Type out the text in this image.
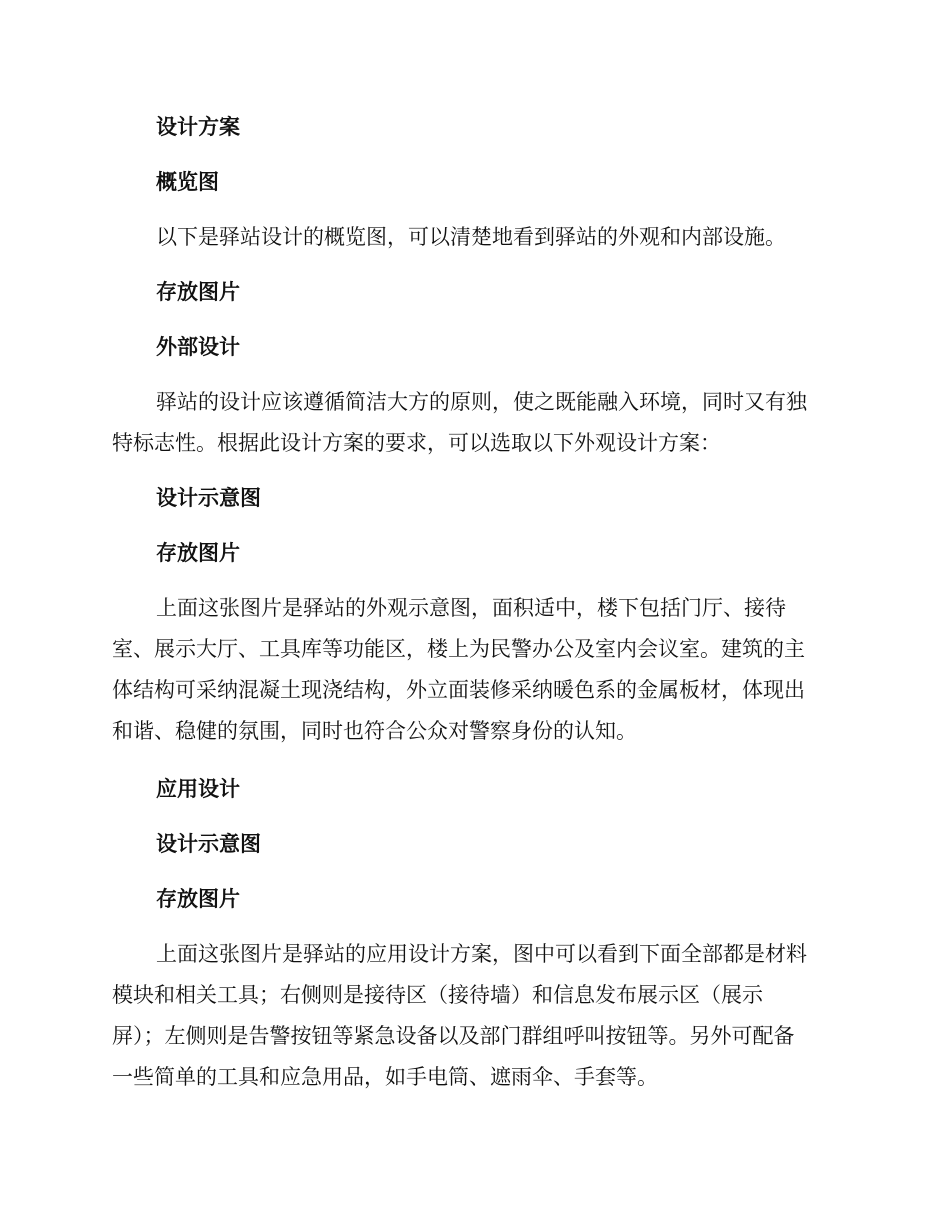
设计方案
概览图
以下是驿站设计的概览图，可以清楚地看到驿站的外观和内部设施。
存放图片
外部设计
驿站的设计应该遵循简洁大方的原则，使之既能融入环境，同时又有独
特标志性。根据此设计方案的要求，可以选取以下外观设计方案：
设计示意图
存放图片
上面这张图片是驿站的外观示意图，面积适中，楼下包括门厅、接待
室、展示大厅、工具库等功能区，楼上为民警办公及室内会议室。建筑的主
体结构可采纳混凝土现浇结构，外立面装修采纳暖色系的金属板材，体现出
和谐、稳健的氛围，同时也符合公众对警察身份的认知。
应用设计
设计示意图
存放图片
上面这张图片是驿站的应用设计方案，图中可以看到下面全部都是材料
模块和相关工具；右侧则是接待区（接待墙）和信息发布展示区（展示
屏）；左侧则是告警按钮等紧急设备以及部门群组呼叫按钮等。另外可配备
一些简单的工具和应急用品，如手电筒、遮雨伞、手套等。
